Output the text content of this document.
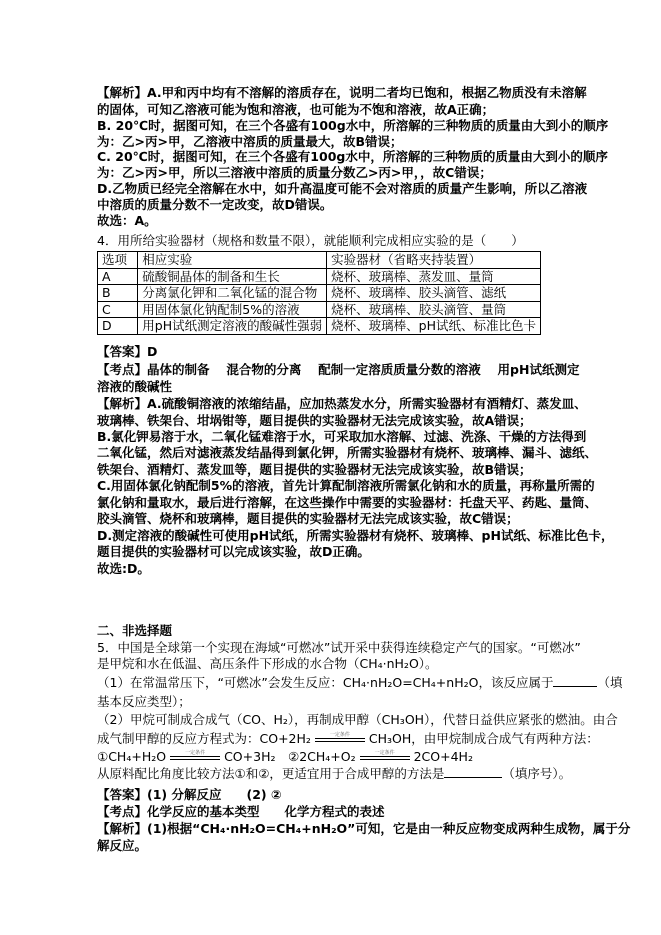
【解析】A.甲和丙中均有不溶解的溶质存在，说明二者均已饱和，根据乙物质没有未溶解
的固体，可知乙溶液可能为饱和溶液，也可能为不饱和溶液，故A正确；
B. 20℃时，据图可知，在三个各盛有100g水中，所溶解的三种物质的质量由大到小的顺序
为：乙>丙>甲，乙溶液中溶质的质量最大，故B错误；
C. 20℃时，据图可知，在三个各盛有100g水中，所溶解的三种物质的质量由大到小的顺序
为：乙>丙>甲，所以三溶液中溶质的质量分数乙>丙>甲，，故C错误；
D.乙物质已经完全溶解在水中，如升高温度可能不会对溶质的质量产生影响，所以乙溶液
中溶质的质量分数不一定改变，故D错误。
故选：A。
4．用所给实验器材（规格和数量不限），就能顺利完成相应实验的是（　　）
选项	相应实验	实验器材（省略夹持装置）
A	硫酸铜晶体的制备和生长	烧杯、玻璃棒、蒸发皿、量筒
B	分离氯化钾和二氧化锰的混合物	烧杯、玻璃棒、胶头滴管、滤纸
C	用固体氯化钠配制5%的溶液	烧杯、玻璃棒、胶头滴管、量筒
D	用pH试纸测定溶液的酸碱性强弱	烧杯、玻璃棒、pH试纸、标准比色卡
【答案】D
【考点】晶体的制备　 混合物的分离　 配制一定溶质质量分数的溶液　 用pH试纸测定
溶液的酸碱性
【解析】A.硫酸铜溶液的浓缩结晶，应加热蒸发水分，所需实验器材有酒精灯、蒸发皿、
玻璃棒、铁架台、坩埚钳等，题目提供的实验器材无法完成该实验，故A错误；
B.氯化钾易溶于水，二氧化锰难溶于水，可采取加水溶解、过滤、洗涤、干燥的方法得到
二氧化锰，然后对滤液蒸发结晶得到氯化钾，所需实验器材有烧杯、玻璃棒、漏斗、滤纸、
铁架台、酒精灯、蒸发皿等，题目提供的实验器材无法完成该实验，故B错误；
C.用固体氯化钠配制5%的溶液，首先计算配制溶液所需氯化钠和水的质量，再称量所需的
氯化钠和量取水，最后进行溶解，在这些操作中需要的实验器材：托盘天平、药匙、量筒、
胶头滴管、烧杯和玻璃棒，题目提供的实验器材无法完成该实验，故C错误；
D.测定溶液的酸碱性可使用pH试纸，所需实验器材有烧杯、玻璃棒、pH试纸、标准比色卡，
题目提供的实验器材可以完成该实验，故D正确。
故选:D。
二、非选择题
5．中国是全球第一个实现在海域“可燃冰”试开采中获得连续稳定产气的国家。“可燃冰”
是甲烷和水在低温、高压条件下形成的水合物（CH₄·nH₂O）。
（1）在常温常压下，“可燃冰”会发生反应：CH₄·nH₂O=CH₄+nH₂O，该反应属于	（填
基本反应类型）；
（2）甲烷可制成合成气（CO、H₂），再制成甲醇（CH₃OH），代替日益供应紧张的燃油。由合
成气制甲醇的反应方程式为：CO+2H₂	一定条件	CH₃OH，由甲烷制成合成气有两种方法：
①CH₄+H₂O	一定条件	CO+3H₂　②2CH₄+O₂	一定条件	2CO+4H₂
从原料配比角度比较方法①和②，更适宜用于合成甲醇的方法是	（填序号）。
【答案】(1) 分解反应　　(2) ②
【考点】化学反应的基本类型　　化学方程式的表述
【解析】(1)根据“CH₄·nH₂O=CH₄+nH₂O”可知，它是由一种反应物变成两种生成物，属于分
解反应。
